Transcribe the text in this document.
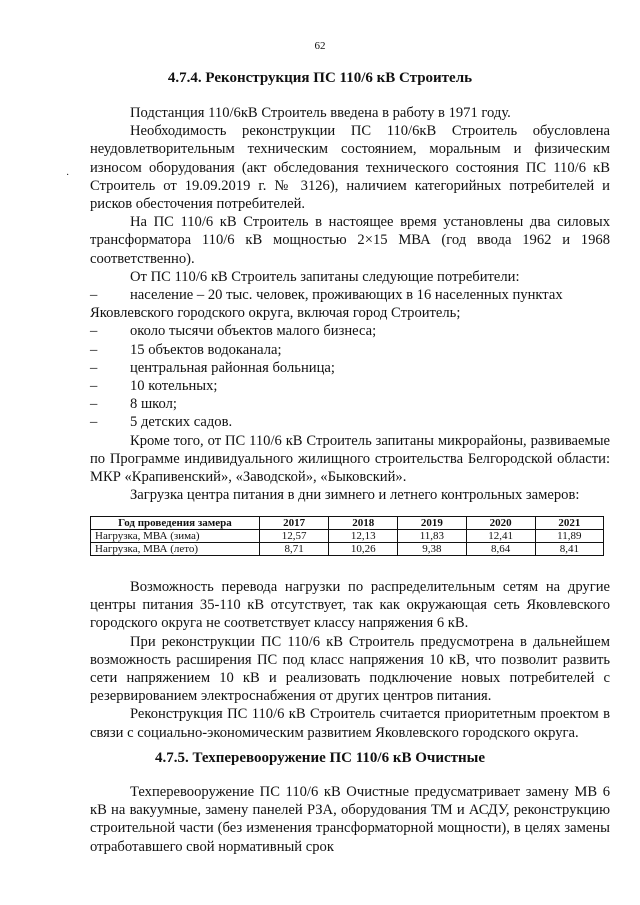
62
·
4.7.4. Реконструкция ПС 110/6 кВ Строитель

Подстанция 110/6кВ Строитель введена в работу в 1971 году.

Необходимость реконструкции ПС 110/6кВ Строитель обусловлена неудовлетворительным техническим состоянием, моральным и физическим износом оборудования (акт обследования технического состояния ПС 110/6 кВ Строитель от 19.09.2019 г. № 3126), наличием категорийных потребителей и рисков обесточения потребителей.

На ПС 110/6 кВ Строитель в настоящее время установлены два силовых трансформатора 110/6 кВ мощностью 2×15 МВА (год ввода 1962 и 1968 соответственно).

От ПС 110/6 кВ Строитель запитаны следующие потребители:

–	население – 20 тыс. человек, проживающих в 16 населенных пунктах
Яковлевского городского округа, включая город Строитель;
–	около тысячи объектов малого бизнеса;
–	15 объектов водоканала;
–	центральная районная больница;
–	10 котельных;
–	8 школ;
–	5 детских садов.

Кроме того, от ПС 110/6 кВ Строитель запитаны микрорайоны, развиваемые по Программе индивидуального жилищного строительства Белгородской области: МКР «Крапивенский», «Заводской», «Быковский».

Загрузка центра питания в дни зимнего и летнего контрольных замеров:

Год проведения замера	2017	2018	2019	2020	2021
Нагрузка, МВА (зима)	12,57	12,13	11,83	12,41	11,89
Нагрузка, МВА (лето)	8,71	10,26	9,38	8,64	8,41

Возможность перевода нагрузки по распределительным сетям на другие центры питания 35-110 кВ отсутствует, так как окружающая сеть Яковлевского городского округа не соответствует классу напряжения 6 кВ.

При реконструкции ПС 110/6 кВ Строитель предусмотрена в дальнейшем возможность расширения ПС под класс напряжения 10 кВ, что позволит развить сети напряжением 10 кВ и реализовать подключение новых потребителей с резервированием электроснабжения от других центров питания.

Реконструкция ПС 110/6 кВ Строитель считается приоритетным проектом в связи с социально-экономическим развитием Яковлевского городского округа.

4.7.5. Техперевооружение ПС 110/6 кВ Очистные

Техперевооружение ПС 110/6 кВ Очистные предусматривает замену МВ 6 кВ на вакуумные, замену панелей РЗА, оборудования ТМ и АСДУ, реконструкцию строительной части (без изменения трансформаторной мощности), в целях замены отработавшего свой нормативный срок
